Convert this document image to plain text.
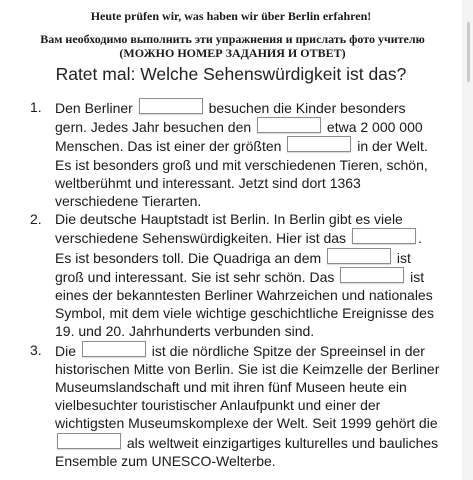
Heute prüfen wir, was haben wir über Berlin erfahren!
Вам необходимо выполнить эти упражнения и прислать фото учителю (МОЖНО НОМЕР ЗАДАНИЯ И ОТВЕТ)
Ratet mal: Welche Sehenswürdigkeit ist das?
1. Den Berliner	besuchen die Kinder besonders gern. Jedes Jahr besuchen den	etwa 2 000 000 Menschen. Das ist einer der größten	in der Welt. Es ist besonders groß und mit verschiedenen Tieren, schön, weltberühmt und interessant. Jetzt sind dort 1363 verschiedene Tierarten.
2. Die deutsche Hauptstadt ist Berlin. In Berlin gibt es viele verschiedene Sehenswürdigkeiten. Hier ist das	. Es ist besonders toll. Die Quadriga an dem	ist groß und interessant. Sie ist sehr schön. Das	ist eines der bekanntesten Berliner Wahrzeichen und nationales Symbol, mit dem viele wichtige geschichtliche Ereignisse des 19. und 20. Jahrhunderts verbunden sind.
3. Die	ist die nördliche Spitze der Spreeinsel in der historischen Mitte von Berlin. Sie ist die Keimzelle der Berliner Museumslandschaft und mit ihren fünf Museen heute ein vielbesuchter touristischer Anlaufpunkt und einer der wichtigsten Museumskomplexe der Welt. Seit 1999 gehört die  als weltweit einzigartiges kulturelles und bauliches Ensemble zum UNESCO-Welterbe.
